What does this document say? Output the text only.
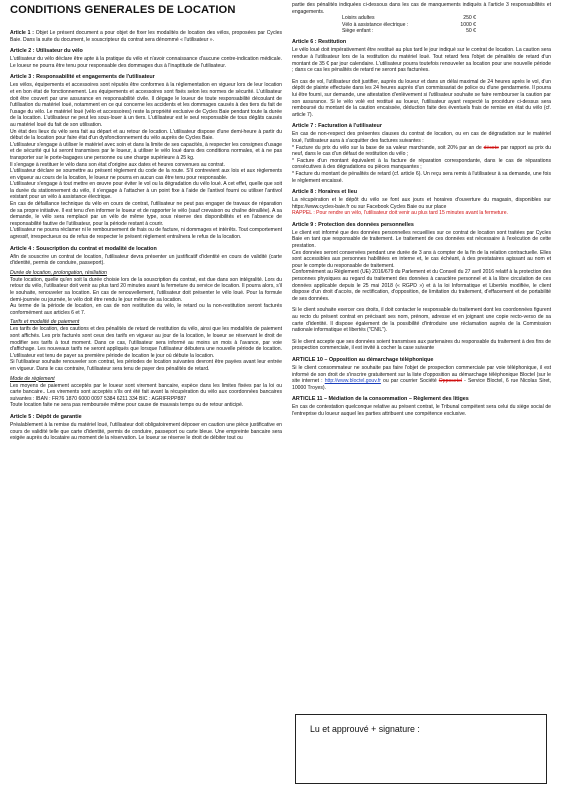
CONDITIONS GENERALES DE LOCATION

Article 1 : Objet Le présent document a pour objet de fixer les modalités de location des vélos, proposées par Cycles Baie. Dans la suite du document, le souscripteur du contrat sera dénommé « l'utilisateur ».

Article 2 : Utilisateur du vélo

L'utilisateur du vélo déclare être apte à la pratique du vélo et n'avoir connaissance d'aucune contre-indication médicale. Le loueur ne pourra être tenu pour responsable des dommages dus à l'inaptitude de l'utilisateur.

Article 3 : Responsabilité et engagements de l'utilisateur

Les vélos, équipements et accessoires sont réputés être conformes à la réglementation en vigueur lors de leur location et en bon état de fonctionnement. Les équipements et accessoires sont fixés selon les normes de sécurité. L'utilisateur doit être couvert par une assurance en responsabilité civile. Il dégage le loueur de toute responsabilité découlant de l'utilisation du matériel loué, notamment en ce qui concerne les accidents et les dommages causés à des tiers du fait de l'usage du vélo. Le matériel loué (vélo et accessoires) reste la propriété exclusive de Cycles Baie pendant toute la durée de la location. L'utilisateur ne peut les sous-louer à un tiers. L'utilisateur est le seul responsable de tous dégâts causés au matériel loué du fait de son utilisation.

Un état des lieux du vélo sera fait au départ et au retour de location. L'utilisateur dispose d'une demi-heure à partir du début de la location pour faire état d'un dysfonctionnement du vélo auprès de Cycles Baie.

L'utilisateur s'engage à utiliser le matériel avec soin et dans la limite de ses capacités, à respecter les consignes d'usage et de sécurité qui lui seront transmises par le loueur, à utiliser le vélo loué dans des conditions normales, et à ne pas transporter sur le porte-bagages une personne ou une charge supérieure à 25 kg.

Il s'engage à restituer le vélo dans son état d'origine aux dates et heures convenues au contrat.

L'utilisateur déclare se soumettre au présent règlement du code de la route. S'il contrevient aux lois et aux règlements en vigueur au cours de la location, le loueur ne pourra en aucun cas être tenu pour responsable.

L'utilisateur s'engage à tout mettre en œuvre pour éviter le vol ou la dégradation du vélo loué. A cet effet, quelle que soit la durée du stationnement du vélo, il s'engage à l'attacher à un point fixe à l'aide de l'antivol fourni ou utiliser l'antivol existant pour un vélo à assistance électrique.

En cas de défaillance technique du vélo en cours de contrat, l'utilisateur ne peut pas engager de travaux de réparation de sa propre initiative. Il est tenu d'en informer le loueur et de rapporter le vélo (sauf crevaison ou chaîne déraillée). A sa demande, le vélo sera remplacé par un vélo de même type, sous réserve des disponibilités et en l'absence de responsabilité fautive de l'utilisateur, pour la période restant à courir.

L'utilisateur ne pourra réclamer ni le remboursement de frais ou de facture, ni dommages et intérêts. Tout comportement agressif, irrespectueux ou de refus de respecter le présent règlement entraînera le refus de la location.

Article 4 : Souscription du contrat et modalité de location

Afin de souscrire un contrat de location, l'utilisateur devra présenter un justificatif d'identité en cours de validité (carte d'identité, permis de conduire, passeport).

Durée de location, prolongation, résiliation

Toute location, quelle qu'en soit la durée choisie lors de la souscription du contrat, est due dans son intégralité. Lors du retour du vélo, l'utilisateur doit venir au plus tard 20 minutes avant la fermeture du service de location. Il pourra alors, s'il le souhaite, renouveler sa location. En cas de renouvellement, l'utilisateur doit présenter le vélo loué. Pour la formule demi-journée ou journée, le vélo doit être rendu le jour même de sa location.

Au terme de la période de location, en cas de non restitution du vélo, le retard ou la non-restitution seront facturés conformément aux articles 6 et 7.

Tarifs et modalité de paiement

Les tarifs de location, des cautions et des pénalités de retard de restitution du vélo, ainsi que les modalités de paiement sont affichés. Les prix facturés sont ceux des tarifs en vigueur au jour de la location, le loueur se réservant le droit de modifier ses tarifs à tout moment. Dans ce cas, l'utilisateur sera informé au moins un mois à l'avance, par voie d'affichage. Les nouveaux tarifs ne seront appliqués que lorsque l'utilisateur débutera une nouvelle période de location. L'utilisateur est tenu de payer sa première période de location le jour où débute la location.

Si l'utilisateur souhaite renouveler son contrat, les périodes de location suivantes devront être payées avant leur entrée en vigueur. Dans le cas contraire, l'utilisateur sera tenu de payer des pénalités de retard.

Mode de règlement

Les moyens de paiement acceptés par le loueur sont virement bancaire, espèce dans les limites fixées par la loi ou carte bancaire.. Les virements sont acceptés s'ils ont été fait avant la récupération du vélo aux coordonnées bancaires suivantes : IBAN : FR76 1870 6000 0097 5384 6211 334 BIC : AGRIFRPP887

Toute location faite ne sera pas remboursée même pour cause de mauvais temps ou de retour anticipé.

Article 5 : Dépôt de garantie

Préalablement à la remise du matériel loué, l'utilisateur doit obligatoirement déposer en caution une pièce justificative en cours de validité telle que carte d'identité, permis de conduire, passeport ou carte bleue. Une empreinte bancaire sera exigée auprès du locataire au moment de la réservation. Le loueur se réserve le droit de débiter tout ou

partie des pénalités indiquées ci-dessous dans les cas de manquements indiqués à l'article 3 responsabilités et engagements.

Loisirs adultes	250 €
Vélo à assistance électrique :	1000 €
Siège enfant :	50 €
Article 6 : Restitution

Le vélo loué doit impérativement être restitué au plus tard le jour indiqué sur le contrat de location. La caution sera rendue à l'utilisateur lors de la restitution du matériel loué. Tout retard fera l'objet de pénalités de retard d'un montant de 35 € par jour calendaire. L'utilisateur pourra toutefois renouveler sa location pour une nouvelle période ; dans ce cas les pénalités de retard ne seront pas facturées.

En cas de vol, l'utilisateur doit justifier, auprès du loueur et dans un délai maximal de 24 heures après le vol, d'un dépôt de plainte effectuée dans les 24 heures auprès d'un commissariat de police ou d'une gendarmerie. Il pourra lui être fourni, sur demande, une attestation d'enlèvement si l'utilisateur souhaite se faire rembourser la caution par son assurance. Si le vélo volé est restitué au loueur, l'utilisateur ayant respecté la procédure ci-dessus sera remboursé du montant de la caution encaissée, déduction faite des éventuels frais de remise en état du vélo (cf. article 7).

Article 7 : Facturation à l'utilisateur

En cas de non-respect des présentes clauses du contrat de location, ou en cas de dégradation sur le matériel loué, l'utilisateur aura à s'acquitter des factures suivantes :

* Facture du prix du vélo sur la base de sa valeur marchande, soit 20% par an de décote par rapport au prix du neuf, dans le cas d'un défaut de restitution du vélo ;

* Facture d'un montant équivalent à la facture de réparation correspondante, dans le cas de réparations consécutives à des dégradations ou pièces manquantes ;

* Facture du montant de pénalités de retard (cf. article 6). Un reçu sera remis à l'utilisateur à sa demande, une fois le règlement encaissé.

Article 8 : Horaires et lieu

La récupération et le dépôt du vélo se font aux jours et horaires d'ouverture du magasin, disponibles sur https://www.cycles-baie.fr ou sur Facebook Cycles Baie ou sur place

RAPPEL : Pour rendre un vélo, l'utilisateur doit venir au plus tard 15 minutes avant la fermeture.

Article 9 : Protection des données personnelles

Le client est informé que des données personnelles recueillies sur ce contrat de location sont traitées par Cycles Baie en tant que responsable de traitement. Le traitement de ces données est nécessaire à l'exécution de cette prestation.

Ces données seront conservées pendant une durée de 3 ans à compter de la fin de la relation contractuelle. Elles sont accessibles aux personnes habilitées en interne et, le cas échéant, à des prestataires agissant au nom et pour le compte du responsable de traitement.

Conformément au Règlement (UE) 2016/679 du Parlement et du Conseil du 27 avril 2016 relatif à la protection des personnes physiques au regard du traitement des données à caractère personnel et à la libre circulation de ces données applicable depuis le 25 mai 2018 (« RGPD ») et à la loi Informatique et Libertés modifiée, le client dispose d'un droit d'accès, de rectification, d'opposition, de limitation du traitement, d'effacement et de portabilité de ses données.

Si le client souhaite exercer ces droits, il doit contacter le responsable du traitement dont les coordonnées figurent au recto du présent contrat en précisant ses nom, prénom, adresse et en joignant une copie recto-verso de sa carte d'identité. Il dispose également de la possibilité d'introduire une réclamation auprès de la Commission nationale informatique et libertés ("CNIL").

Si le client accepte que ses données soient transmises aux partenaires du responsable du traitement à des fins de prospection commerciale, il est invité à cocher la case suivante

ARTICLE 10 – Opposition au démarchage téléphonique

Si le client consommateur ne souhaite pas faire l'objet de prospection commerciale par voie téléphonique, il est informé de son droit de s'inscrire gratuitement sur la liste d'opposition au démarchage téléphonique Bloctel (sur le site internet : http://www.bloctel.gouv.fr ou par courrier Société Opposetel - Service Bloctel, 6 rue Nicolas Siret, 10000 Troyes).

ARTICLE 11 – Médiation de la consommation – Règlement des litiges

En cas de contestation quelconque relative au présent contrat, le Tribunal compétent sera celui du siège social de l'entreprise du loueur auquel les parties attribuent une compétence exclusive.

Lu et approuvé + signature :
